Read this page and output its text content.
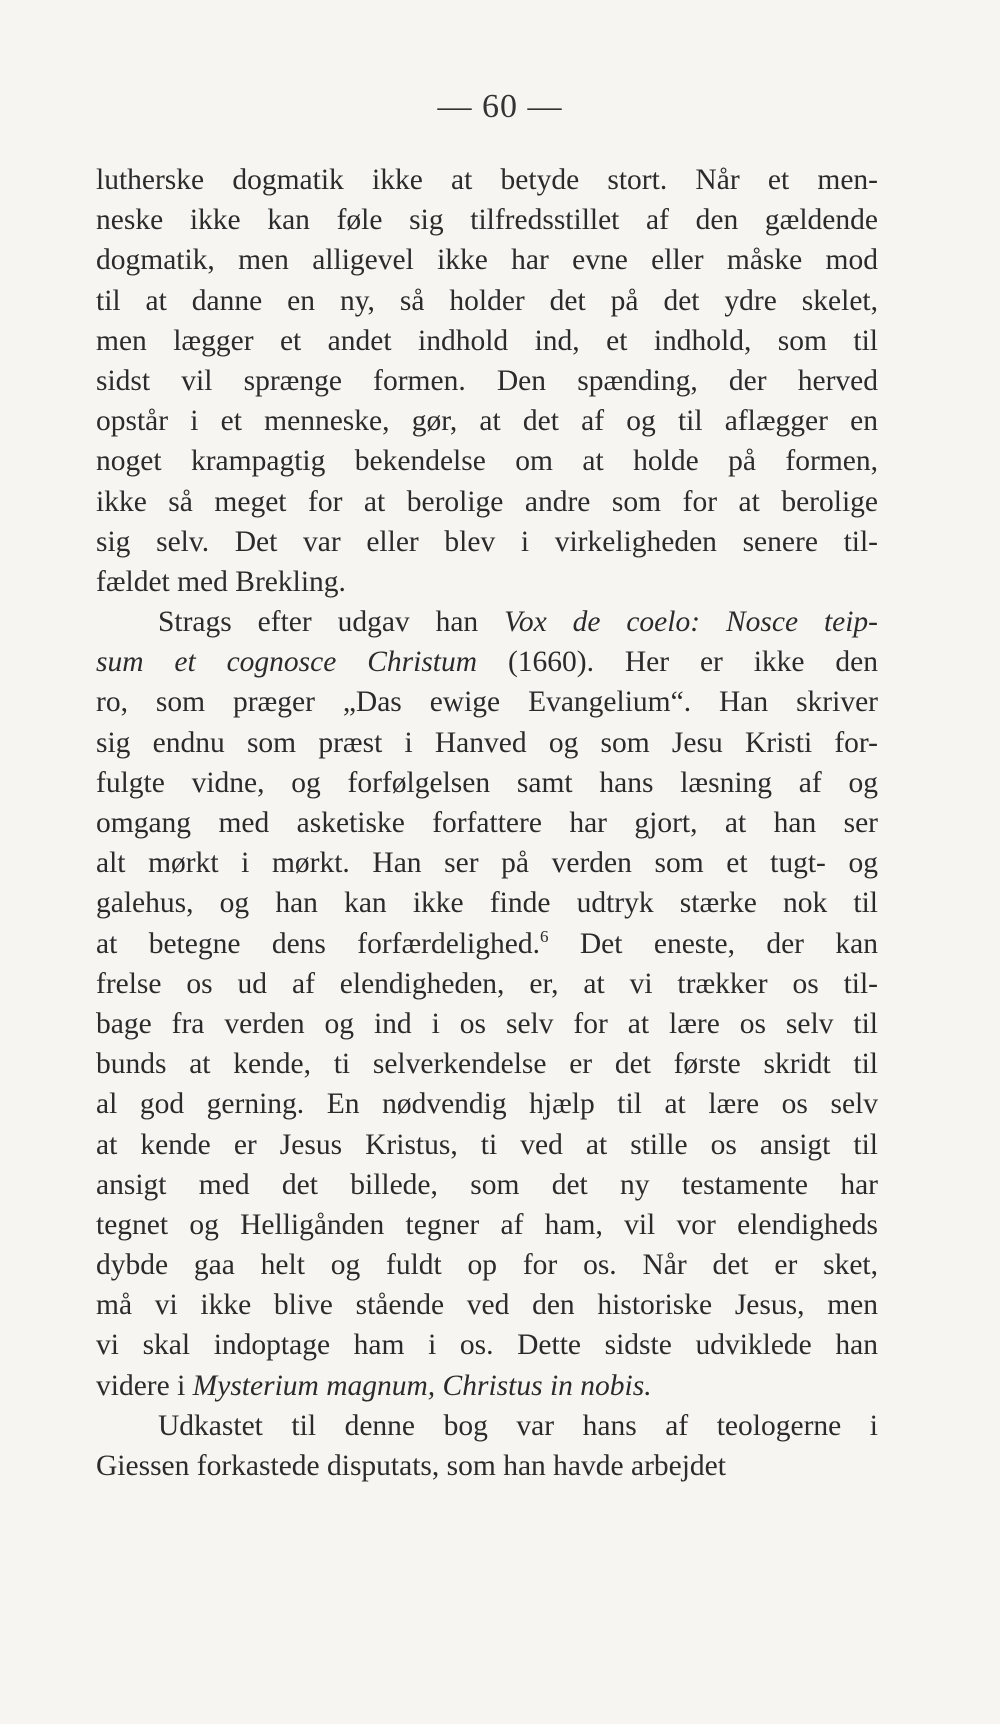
— 60 —
lutherske dogmatik ikke at betyde stort. Når et men-
neske ikke kan føle sig tilfredsstillet af den gældende
dogmatik, men alligevel ikke har evne eller måske mod
til at danne en ny, så holder det på det ydre skelet,
men lægger et andet indhold ind, et indhold, som til
sidst vil sprænge formen. Den spænding, der herved
opstår i et menneske, gør, at det af og til aflægger en
noget krampagtig bekendelse om at holde på formen,
ikke så meget for at berolige andre som for at berolige
sig selv. Det var eller blev i virkeligheden senere til-
fældet med Brekling.
Strags efter udgav han Vox de coelo: Nosce teip-
sum et cognosce Christum (1660). Her er ikke den
ro, som præger „Das ewige Evangelium“. Han skriver
sig endnu som præst i Hanved og som Jesu Kristi for-
fulgte vidne, og forfølgelsen samt hans læsning af og
omgang med asketiske forfattere har gjort, at han ser
alt mørkt i mørkt. Han ser på verden som et tugt- og
galehus, og han kan ikke finde udtryk stærke nok til
at betegne dens forfærdelighed.$^6$ Det eneste, der kan
frelse os ud af elendigheden, er, at vi trækker os til-
bage fra verden og ind i os selv for at lære os selv til
bunds at kende, ti selverkendelse er det første skridt til
al god gerning. En nødvendig hjælp til at lære os selv
at kende er Jesus Kristus, ti ved at stille os ansigt til
ansigt med det billede, som det ny testamente har
tegnet og Helligånden tegner af ham, vil vor elendigheds
dybde gaa helt og fuldt op for os. Når det er sket,
må vi ikke blive stående ved den historiske Jesus, men
vi skal indoptage ham i os. Dette sidste udviklede han
videre i Mysterium magnum, Christus in nobis.
Udkastet til denne bog var hans af teologerne i
Giessen forkastede disputats, som han havde arbejdet
